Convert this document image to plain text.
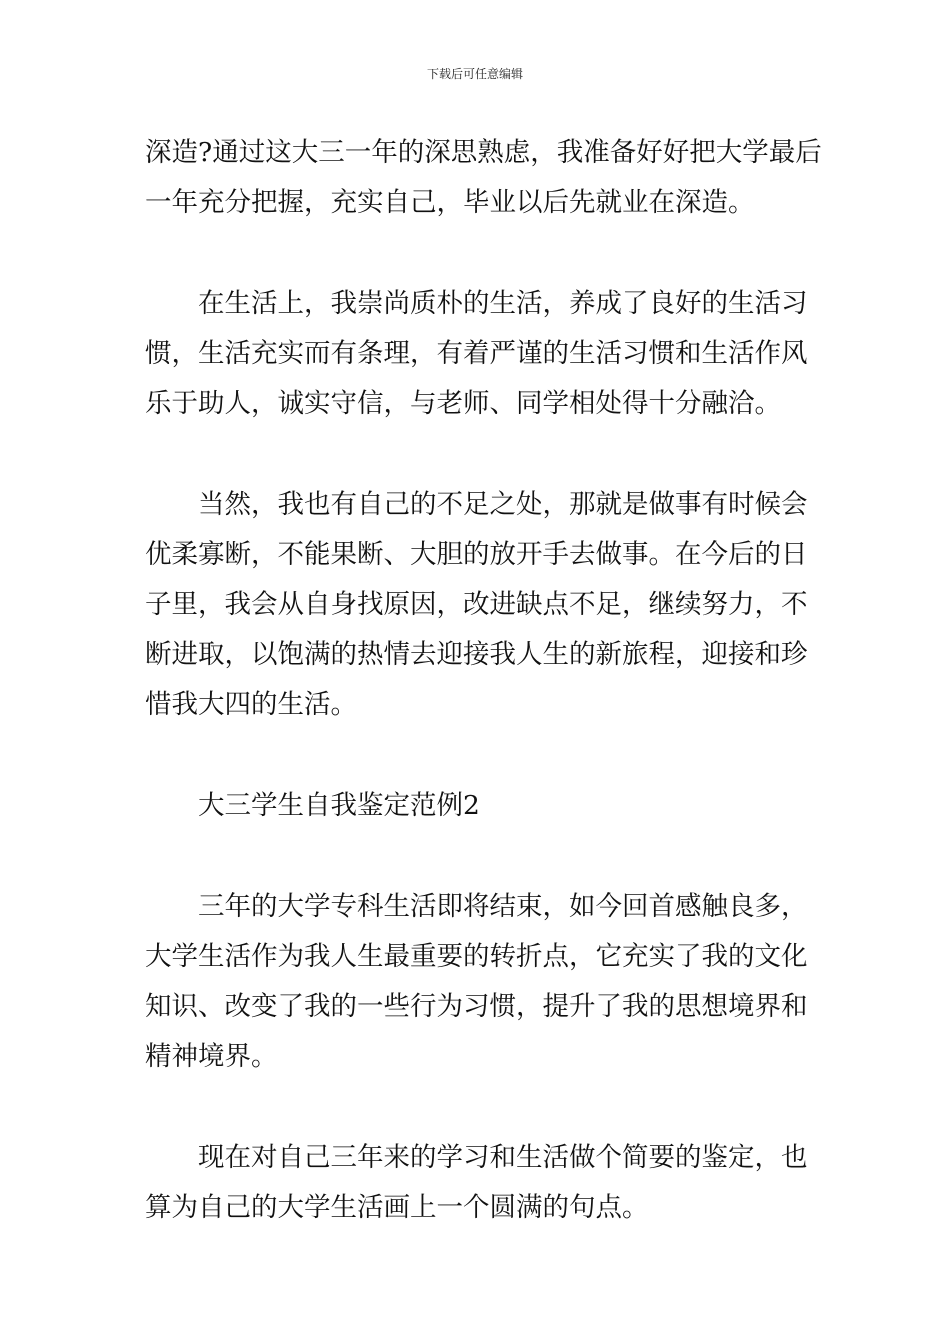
下载后可任意编辑

深造?通过这大三一年的深思熟虑，我准备好好把大学最后
一年充分把握，充实自己，毕业以后先就业在深造。

在生活上，我崇尚质朴的生活，养成了良好的生活习
惯，生活充实而有条理，有着严谨的生活习惯和生活作风
乐于助人，诚实守信，与老师、同学相处得十分融洽。

当然，我也有自己的不足之处，那就是做事有时候会
优柔寡断，不能果断、大胆的放开手去做事。在今后的日
子里，我会从自身找原因，改进缺点不足，继续努力，不
断进取，以饱满的热情去迎接我人生的新旅程，迎接和珍
惜我大四的生活。

大三学生自我鉴定范例2

三年的大学专科生活即将结束，如今回首感触良多，
大学生活作为我人生最重要的转折点，它充实了我的文化
知识、改变了我的一些行为习惯，提升了我的思想境界和
精神境界。

现在对自己三年来的学习和生活做个简要的鉴定，也
算为自己的大学生活画上一个圆满的句点。
